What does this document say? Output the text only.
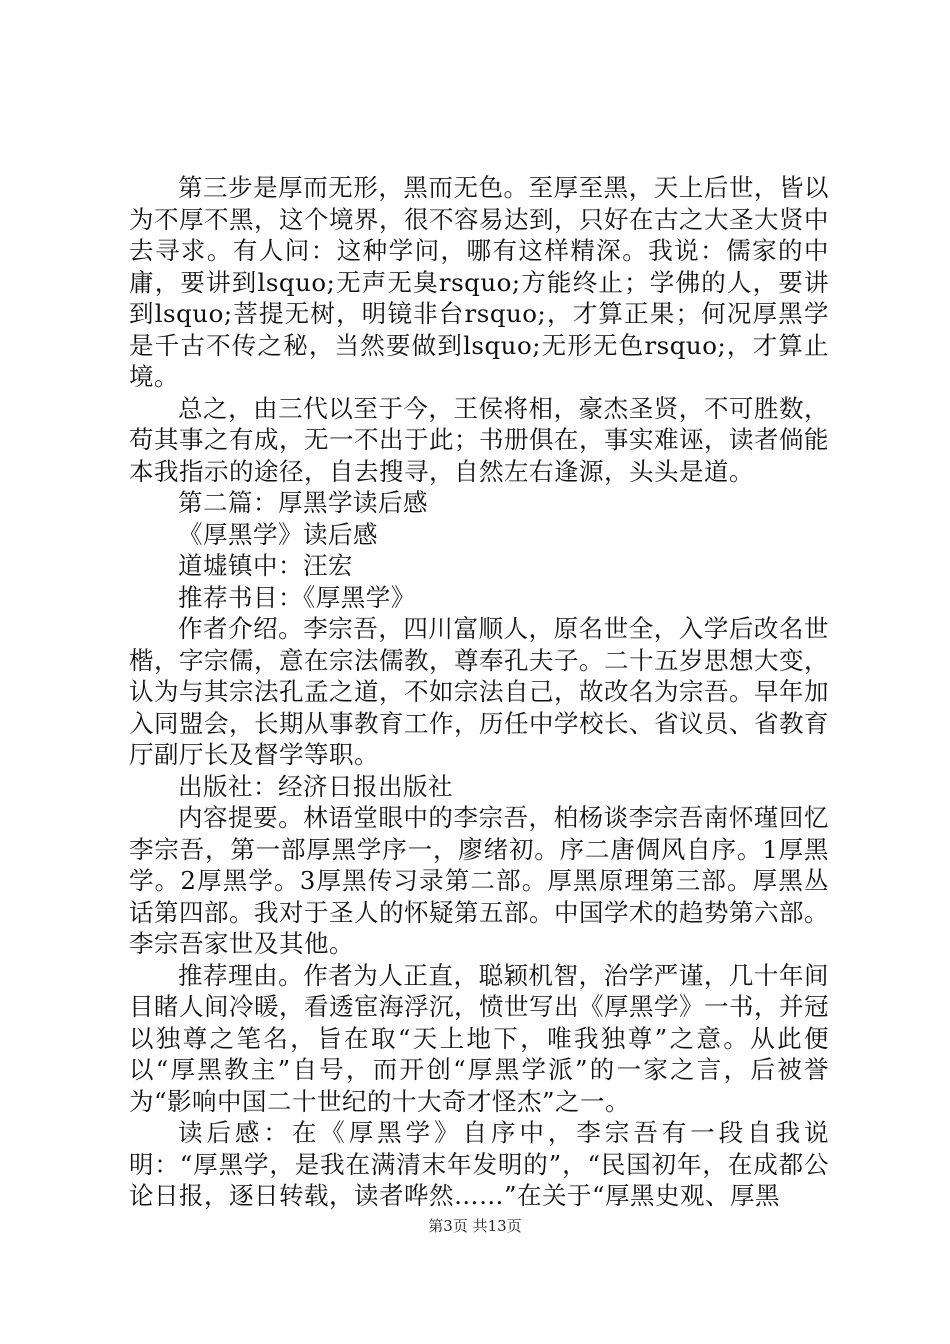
第三步是厚而无形，黑而无色。至厚至黑，天上后世，皆以为不厚不黑，这个境界，很不容易达到，只好在古之大圣大贤中去寻求。有人问：这种学问，哪有这样精深。我说：儒家的中庸，要讲到lsquo;无声无臭rsquo;方能终止；学佛的人，要讲到lsquo;菩提无树，明镜非台rsquo;，才算正果；何况厚黑学是千古不传之秘，当然要做到lsquo;无形无色rsquo;，才算止境。

总之，由三代以至于今，王侯将相，豪杰圣贤，不可胜数，苟其事之有成，无一不出于此；书册俱在，事实难诬，读者倘能本我指示的途径，自去搜寻，自然左右逢源，头头是道。

第二篇：厚黑学读后感

《厚黑学》读后感

道墟镇中：汪宏

推荐书目：《厚黑学》

作者介绍。李宗吾，四川富顺人，原名世全，入学后改名世楷，字宗儒，意在宗法儒教，尊奉孔夫子。二十五岁思想大变，认为与其宗法孔孟之道，不如宗法自己，故改名为宗吾。早年加入同盟会，长期从事教育工作，历任中学校长、省议员、省教育厅副厅长及督学等职。

出版社：经济日报出版社

内容提要。林语堂眼中的李宗吾，柏杨谈李宗吾南怀瑾回忆李宗吾，第一部厚黑学序一，廖绪初。序二唐倜风自序。1厚黑学。2厚黑学。3厚黑传习录第二部。厚黑原理第三部。厚黑丛话第四部。我对于圣人的怀疑第五部。中国学术的趋势第六部。李宗吾家世及其他。

推荐理由。作者为人正直，聪颖机智，治学严谨，几十年间目睹人间冷暖，看透宦海浮沉，愤世写出《厚黑学》一书，并冠以独尊之笔名，旨在取“天上地下，唯我独尊”之意。从此便以“厚黑教主”自号，而开创“厚黑学派”的一家之言，后被誉为“影响中国二十世纪的十大奇才怪杰”之一。

读后感：在《厚黑学》自序中，李宗吾有一段自我说明：“厚黑学，是我在满清末年发明的”，“民国初年，在成都公论日报，逐日转载，读者哗然……”在关于“厚黑史观、厚黑

第3页 共13页
